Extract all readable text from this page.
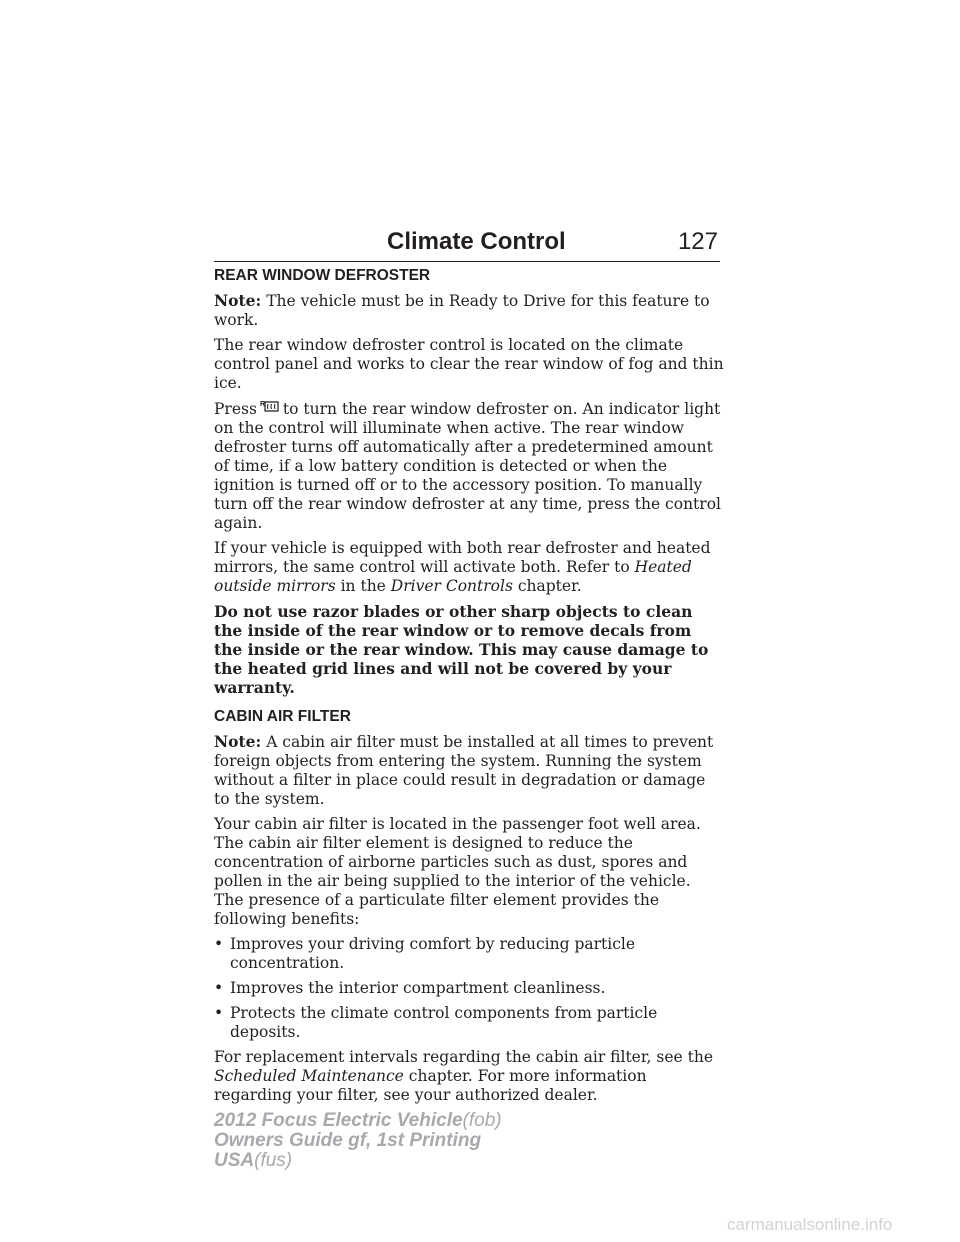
Climate Control	127
REAR WINDOW DEFROSTER

Note: The vehicle must be in Ready to Drive for this feature to work.

The rear window defroster control is located on the climate control panel and works to clear the rear window of fog and thin ice.

Press R to turn the rear window defroster on. An indicator light on the control will illuminate when active. The rear window defroster turns off automatically after a predetermined amount of time, if a low battery condition is detected or when the ignition is turned off or to the accessory position. To manually turn off the rear window defroster at any time, press the control again.

If your vehicle is equipped with both rear defroster and heated mirrors, the same control will activate both. Refer to Heated outside mirrors in the Driver Controls chapter.

Do not use razor blades or other sharp objects to clean the inside of the rear window or to remove decals from the inside or the rear window. This may cause damage to the heated grid lines and will not be covered by your warranty.

CABIN AIR FILTER

Note: A cabin air filter must be installed at all times to prevent foreign objects from entering the system. Running the system without a filter in place could result in degradation or damage to the system.

Your cabin air filter is located in the passenger foot well area. The cabin air filter element is designed to reduce the concentration of airborne particles such as dust, spores and pollen in the air being supplied to the interior of the vehicle. The presence of a particulate filter element provides the following benefits:

• Improves your driving comfort by reducing particle concentration.
• Improves the interior compartment cleanliness.
• Protects the climate control components from particle deposits.

For replacement intervals regarding the cabin air filter, see the Scheduled Maintenance chapter. For more information regarding your filter, see your authorized dealer.

2012 Focus Electric Vehicle(fob)
Owners Guide gf, 1st Printing
USA(fus)
carmanualsonline.info
